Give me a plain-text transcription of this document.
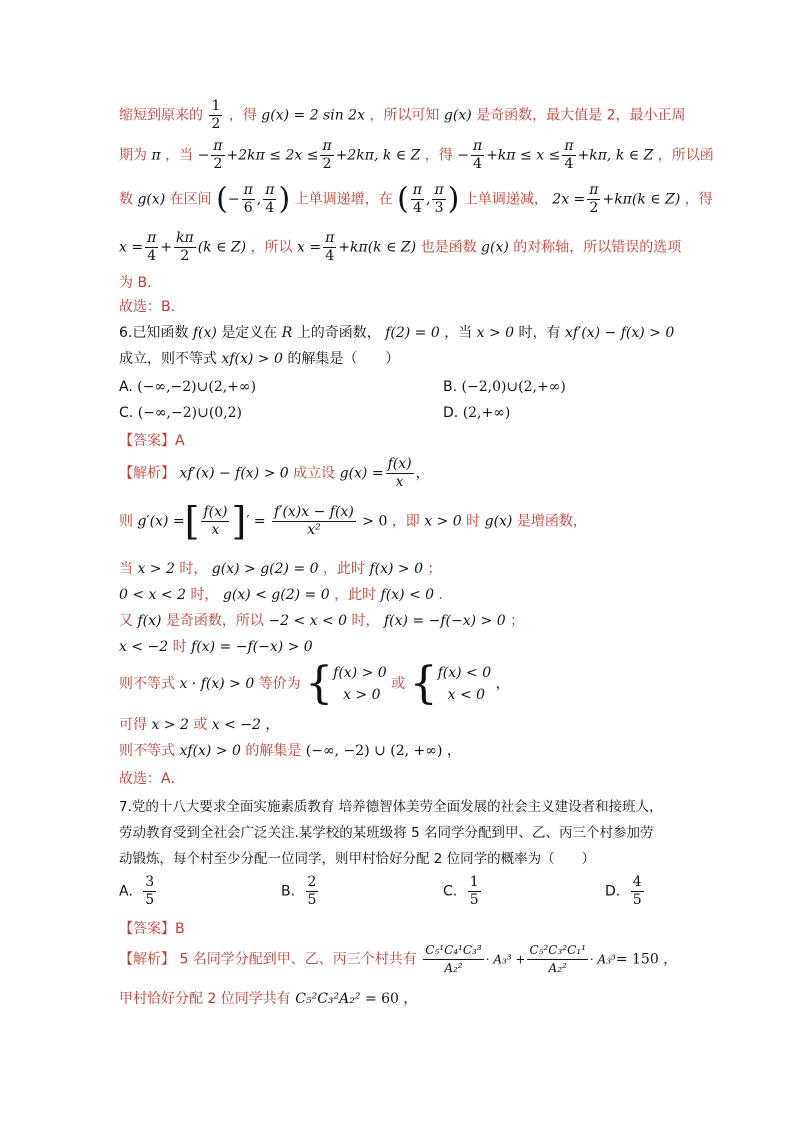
缩短到原来的 $\frac{1}{2}$ ，得 g(x) = 2 sin 2x ，所以可知 g(x) 是奇函数，最大值是 2，最小正周
期为 π ，当 − $\frac{\pi}{2} +2k\pi \le 2x \le \frac{\pi}{2} +2k\pi$, k ∈ Z ，得 − $\frac{\pi}{4} +k\pi \le x \le \frac{\pi}{4} +k\pi$, k ∈ Z ，所以函
数 g(x) 在区间 (− $\frac{\pi}{6}$ , $\frac{\pi}{4}$ ) 上单调递增，在 ( $\frac{\pi}{4}$ , $\frac{\pi}{3}$ ) 上单调递减， $2x = \frac{\pi}{2} +k\pi(k$ ∈ Z) ，得
$x = \frac{\pi}{4} + \frac{k\pi}{2} (k$ ∈ Z) ，所以 $x = \frac{\pi}{4} +k\pi(k$ ∈ Z) 也是函数 g(x) 的对称轴，所以错误的选项
为 B.
故选：B.
6.已知函数 f(x) 是定义在 R 上的奇函数， f(2) = 0 ，当 x > 0 时，有 xf′(x) − f(x) > 0
成立，则不等式 xf(x) > 0 的解集是（　　）
A. (−∞,−2)∪(2,+∞)	B. (−2,0)∪(2,+∞)
C. (−∞,−2)∪(0,2)	D. (2,+∞)
【答案】A
【解析】 xf′(x) − f(x) > 0 成立设 $g(x) = \frac{f(x)}{x}$ ，
则 g′(x) =[ $\frac{f(x)}{x}$ ]′ = $\frac{f'(x)x - f(x)}{\text{x²}} > 0$ ，即 x > 0 时 g(x) 是增函数，
当 x > 2 时， g(x) > g(2) = 0 ，此时 f(x) > 0 ；
0 < x < 2 时， g(x) < g(2) = 0 ，此时 f(x) < 0 ．
又 f(x) 是奇函数，所以 −2 < x < 0 时， f(x) = −f(−x) > 0 ；
x < −2 时 f(x) = −f(−x) > 0
则不等式 x · f(x) > 0 等价为 { f(x) > 0
x > 0
或 { f(x) < 0
x < 0
，
可得 x > 2 或 x < −2 ，
则不等式 xf(x) > 0 的解集是 (−∞, −2) ∪ (2, +∞) ，
故选：A．
7.党的十八大要求全面实施素质教育 培养德智体美劳全面发展的社会主义建设者和接班人，
劳动教育受到全社会广泛关注.某学校的某班级将 5 名同学分配到甲、乙、丙三个村参加劳
动锻炼，每个村至少分配一位同学，则甲村恰好分配 2 位同学的概率为（　　）
A. $\frac{3}{5}$	B. $\frac{2}{5}$	C. $\frac{1}{5}$	D. $\frac{4}{5}$
【答案】B
【解析】 5 名同学分配到甲、乙、丙三个村共有 $\frac{\text{C₅¹C₄¹C₃³}}{\text{A₂²}} \cdot A_3^3 + \frac{\text{C₅²C₃²C₁¹}}{\text{A₂²}} \cdot A_3^3= 150$ ，
甲村恰好分配 2 位同学共有 C₅²C₃²A₂² = 60 ，
